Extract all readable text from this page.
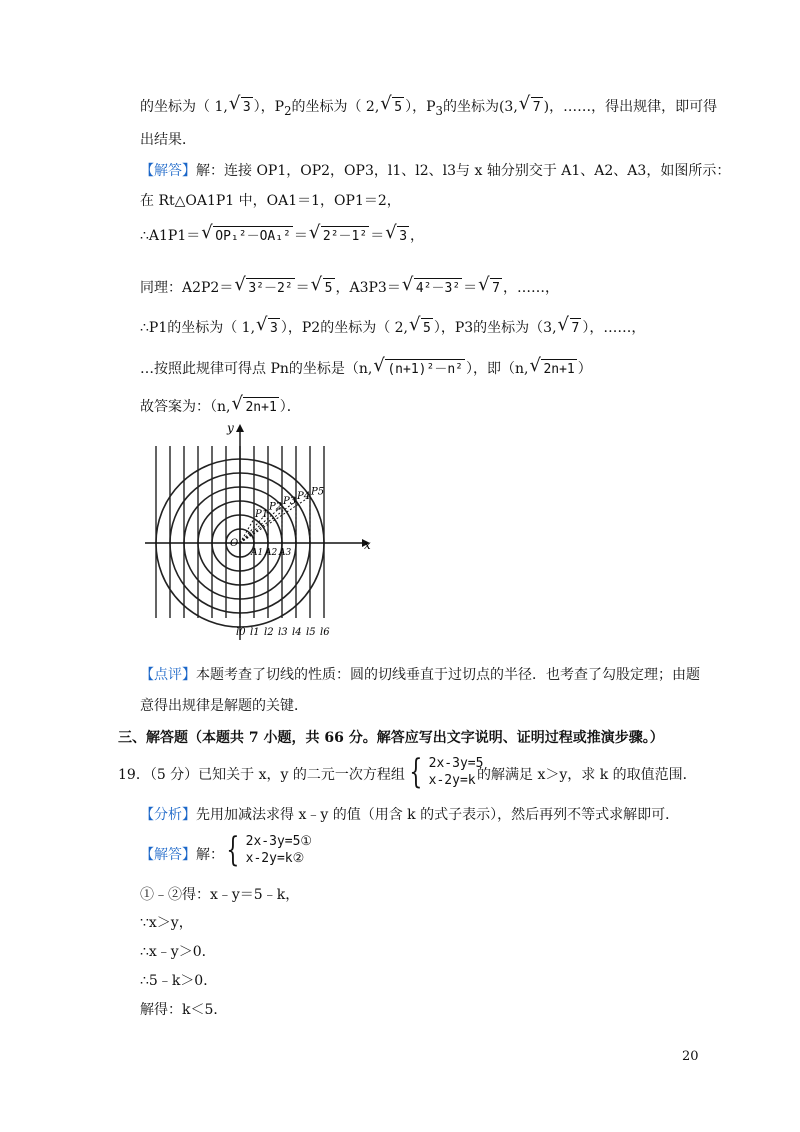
的坐标为（ 1, √ 3 ），$P_2$的坐标为（ 2, √ 5 ），$P_3$的坐标为(3, √ 7 )，……，得出规律，即可得
出结果．
【解答】解：连接 OP1，OP2，OP3，l1、l2、l3与 x 轴分别交于 A1、A2、A3，如图所示：
在 Rt△OA1P1 中，OA1＝1，OP1＝2，
∴A1P1＝ √ OP₁²－OA₁² ＝ √ 2²－1² ＝ √ 3 ，
同理：A2P2＝ √ 3²－2² ＝ √ 5 ，A3P3＝ √ 4²－3² ＝ √ 7 ，……，
∴P1的坐标为（ 1, √ 3 ），P2的坐标为（ 2, √ 5 ），P3的坐标为（3, √ 7 ），……，
…按照此规律可得点 Pn的坐标是（n, √ (n+1)²－n² ），即（n, √ 2n+1 ）
故答案为：（n, √ 2n+1 ）．
x
y
O
A1 A2 A3
P1
P2
P3 P4 P5
l0 l1 l2 l3 l4 l5 l6
【点评】本题考查了切线的性质：圆的切线垂直于过切点的半径．也考查了勾股定理；由题
意得出规律是解题的关键．
三、解答题（本题共 7 小题，共 66 分。解答应写出文字说明、证明过程或推演步骤。）
19．（5 分）已知关于 x，y 的二元一次方程组 { 2x-3y=5
x-2y=k 的解满足 x＞y，求 k 的取值范围．
【分析】先用加减法求得 x﹣y 的值（用含 k 的式子表示），然后再列不等式求解即可．
【解答】解： { 2x-3y=5①
x-2y=k②
①﹣②得：x﹣y＝5﹣k，
∵x＞y，
∴x﹣y＞0．
∴5﹣k＞0．
解得：k＜5．
20
